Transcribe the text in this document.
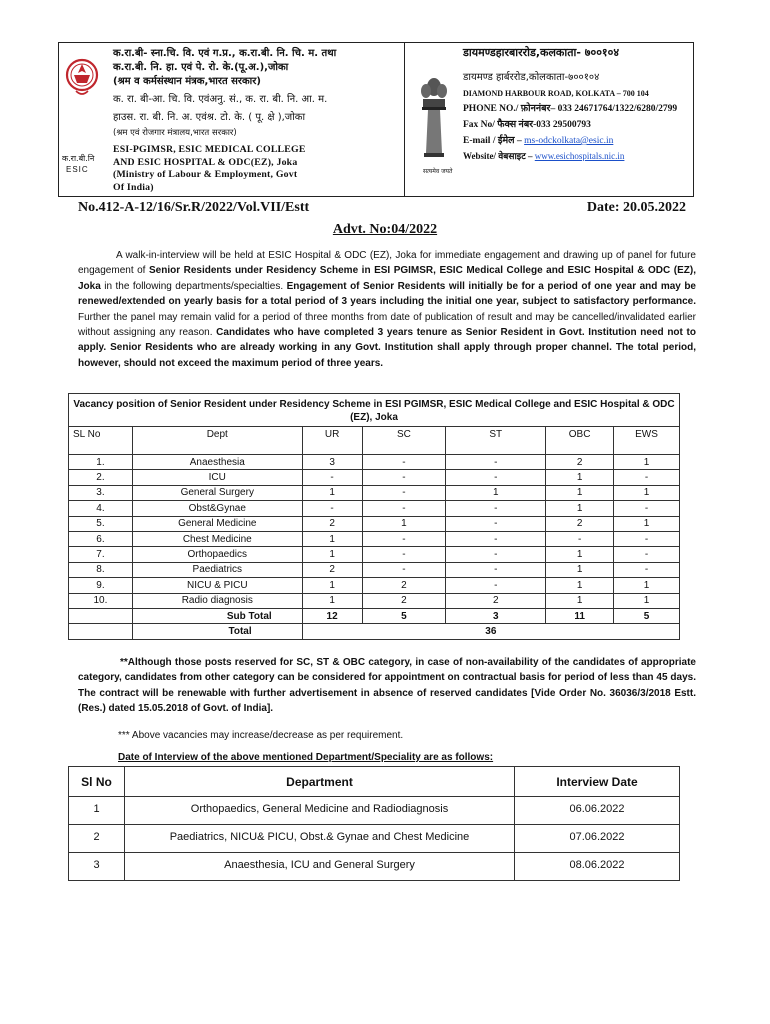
क.रा.बी.नि
ESIC
क.रा.बी- स्ना.चि. वि. एवं ग.प्र., क.रा.बी. नि. चि. म. तथा
क.रा.बी. नि. हा. एवं पे. रो. के.(पू.अ.),जोका
(श्रम व कर्मसंस्थान मंत्रक,भारत सरकार)
क. रा. बी-आ. चि. वि. एवंअनु. सं., क. रा. बी. नि. आ. म.
हाउस. रा. बी. नि. अ. एवंश्र. टो. के. ( पू. क्षे ),जोका
(श्रम एवं रोजगार मंत्रालय,भारत सरकार)
ESI-PGIMSR, ESIC MEDICAL COLLEGE
AND ESIC HOSPITAL & ODC(EZ), Joka
(Ministry of Labour & Employment, Govt
Of India)
सत्यमेव जयते
डायमण्डहारबाररोड,कलकाता- ७००१०४
डायमण्ड हार्बररोड,कोलकाता-७००१०४
DIAMOND HARBOUR ROAD, KOLKATA – 700 104
PHONE NO./ फ़ोननंबर– 033 24671764/1322/6280/2799
Fax No/ फैक्स नंबर-033 29500793
E-mail / ईमेल – ms-odckolkata@esic.in
Website/ वेबसाइट – www.esichospitals.nic.in
No.412-A-12/16/Sr.R/2022/Vol.VII/Estt	Date: 20.05.2022
Advt. No:04/2022
A walk-in-interview will be held at ESIC Hospital & ODC (EZ), Joka for immediate engagement and drawing up of panel for future engagement of Senior Residents under Residency Scheme in ESI PGIMSR, ESIC Medical College and ESIC Hospital & ODC (EZ), Joka in the following departments/specialties. Engagement of Senior Residents will initially be for a period of one year and may be renewed/extended on yearly basis for a total period of 3 years including the initial one year, subject to satisfactory performance. Further the panel may remain valid for a period of three months from date of publication of result and may be cancelled/invalidated earlier without assigning any reason. Candidates who have completed 3 years tenure as Senior Resident in Govt. Institution need not to apply. Senior Residents who are already working in any Govt. Institution shall apply through proper channel. The total period, however, should not exceed the maximum period of three years.
Vacancy position of Senior Resident under Residency Scheme in ESI PGIMSR, ESIC Medical College and ESIC Hospital & ODC (EZ), Joka						
SL No	Dept	UR	SC	ST	OBC	EWS
1.	Anaesthesia	3	-	-	2	1
2.	ICU	-	-	-	1	-
3.	General Surgery	1	-	1	1	1
4.	Obst&Gynae	-	-	-	1	-
5.	General Medicine	2	1	-	2	1
6.	Chest Medicine	1	-	-	-	-
7.	Orthopaedics	1	-	-	1	-
8.	Paediatrics	2	-	-	1	-
9.	NICU & PICU	1	2	-	1	1
10.	Radio diagnosis	1	2	2	1	1
	Sub Total	12	5	3	11	5
	Total	36				
**Although those posts reserved for SC, ST & OBC category, in case of non-availability of the candidates of appropriate category, candidates from other category can be considered for appointment on contractual basis for period of less than 45 days. The contract will be renewable with further advertisement in absence of reserved candidates [Vide Order No. 36036/3/2018 Estt. (Res.) dated 15.05.2018 of Govt. of India].
*** Above vacancies may increase/decrease as per requirement.
Date of Interview of the above mentioned Department/Speciality are as follows:
Sl No	Department	Interview Date
1	Orthopaedics, General Medicine and Radiodiagnosis	06.06.2022
2	Paediatrics, NICU& PICU, Obst.& Gynae and Chest Medicine	07.06.2022
3	Anaesthesia, ICU and General Surgery	08.06.2022
